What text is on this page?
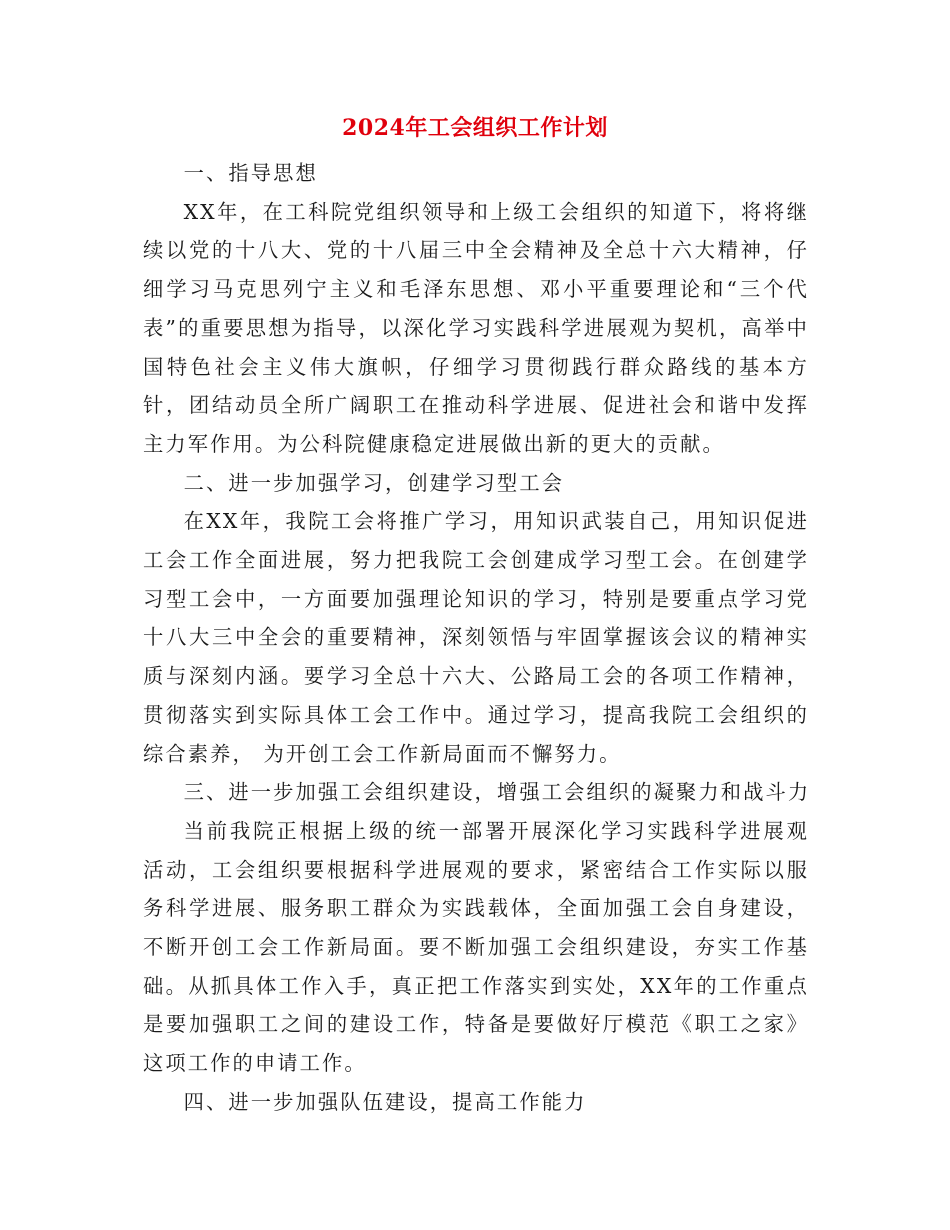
2024年工会组织工作计划

一、指导思想

XX年，在工科院党组织领导和上级工会组织的知道下，将将继续以党的十八大、党的十八届三中全会精神及全总十六大精神，仔细学习马克思列宁主义和毛泽东思想、邓小平重要理论和“三个代表”的重要思想为指导，以深化学习实践科学进展观为契机，高举中国特色社会主义伟大旗帜，仔细学习贯彻践行群众路线的基本方针，团结动员全所广阔职工在推动科学进展、促进社会和谐中发挥主力军作用。为公科院健康稳定进展做出新的更大的贡献。

二、进一步加强学习，创建学习型工会

在XX年，我院工会将推广学习，用知识武装自己，用知识促进工会工作全面进展，努力把我院工会创建成学习型工会。在创建学习型工会中，一方面要加强理论知识的学习，特别是要重点学习党十八大三中全会的重要精神，深刻领悟与牢固掌握该会议的精神实质与深刻内涵。要学习全总十六大、公路局工会的各项工作精神，贯彻落实到实际具体工会工作中。通过学习，提高我院工会组织的综合素养， 为开创工会工作新局面而不懈努力。

三、进一步加强工会组织建设，增强工会组织的凝聚力和战斗力

当前我院正根据上级的统一部署开展深化学习实践科学进展观活动，工会组织要根据科学进展观的要求，紧密结合工作实际以服务科学进展、服务职工群众为实践载体，全面加强工会自身建设，不断开创工会工作新局面。要不断加强工会组织建设，夯实工作基础。从抓具体工作入手，真正把工作落实到实处，XX年的工作重点是要加强职工之间的建设工作，特备是要做好厅模范《职工之家》这项工作的申请工作。

四、进一步加强队伍建设，提高工作能力
